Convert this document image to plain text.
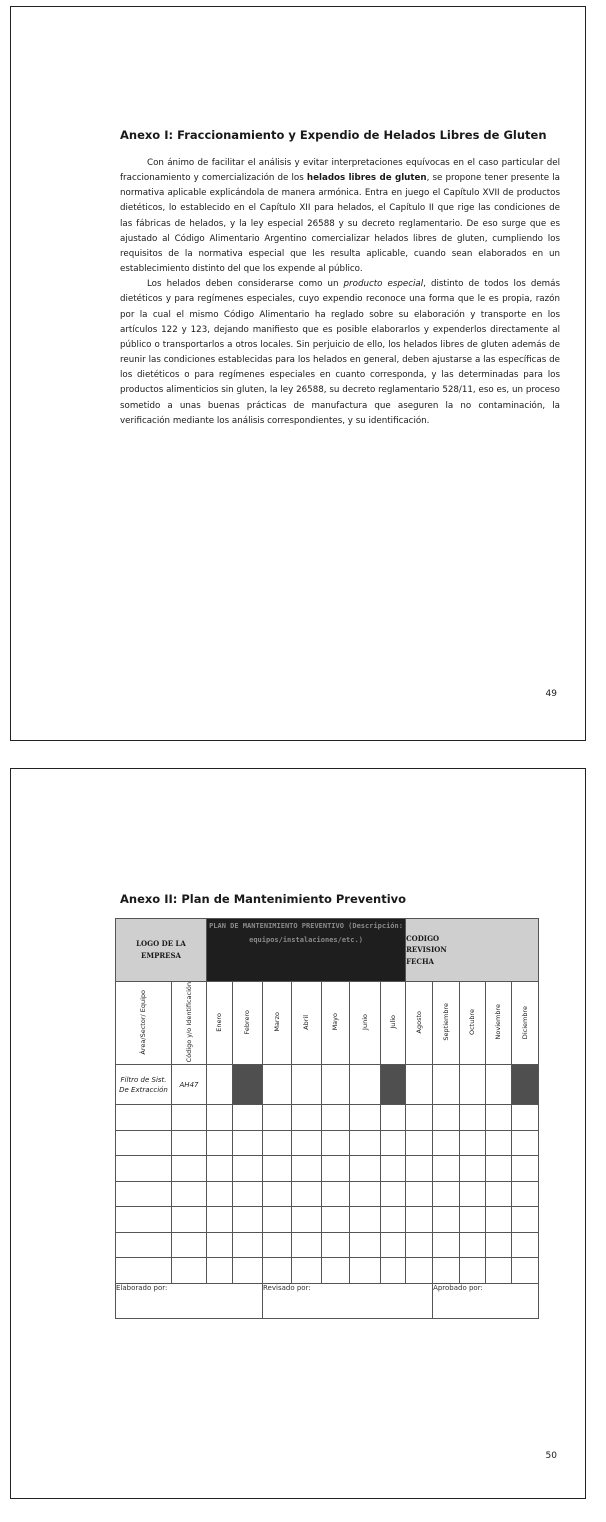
Anexo I: Fraccionamiento y Expendio de Helados Libres de Gluten

Con ánimo de facilitar el análisis y evitar interpretaciones equívocas en el caso particular del fraccionamiento y comercialización de los helados libres de gluten, se propone tener presente la normativa aplicable explicándola de manera armónica. Entra en juego el Capítulo XVII de productos dietéticos, lo establecido en el Capítulo XII para helados, el Capítulo II que rige las condiciones de las fábricas de helados, y la ley especial 26588 y su decreto reglamentario. De eso surge que es ajustado al Código Alimentario Argentino comercializar helados libres de gluten, cumpliendo los requisitos de la normativa especial que les resulta aplicable, cuando sean elaborados en un establecimiento distinto del que los expende al público.

Los helados deben considerarse como un producto especial, distinto de todos los demás dietéticos y para regímenes especiales, cuyo expendio reconoce una forma que le es propia, razón por la cual el mismo Código Alimentario ha reglado sobre su elaboración y transporte en los artículos 122 y 123, dejando manifiesto que es posible elaborarlos y expenderlos directamente al público o transportarlos a otros locales. Sin perjuicio de ello, los helados libres de gluten además de reunir las condiciones establecidas para los helados en general, deben ajustarse a las específicas de los dietéticos o para regímenes especiales en cuanto corresponda, y las determinadas para los productos alimenticios sin gluten, la ley 26588, su decreto reglamentario 528/11, eso es, un proceso sometido a unas buenas prácticas de manufactura que aseguren la no contaminación, la verificación mediante los análisis correspondientes, y su identificación.

49
Anexo II: Plan de Mantenimiento Preventivo
LOGO DE LA EMPRESA		PLAN DE MANTENIMIENTO PREVENTIVO (Descripción: equipos/instalaciones/etc.)							CODIGO
REVISION
FECHA				

Área/Sector/ Equipo	Código y/o Identificación	Enero	Febrero	Marzo	Abril	Mayo	Junio	Julio	Agosto	Septiembre	Octubre	Noviembre	Diciembre
Filtro de Sist. De Extracción	AH47												

Elaborado por:				Revisado por:						Aprobado por:			
50
